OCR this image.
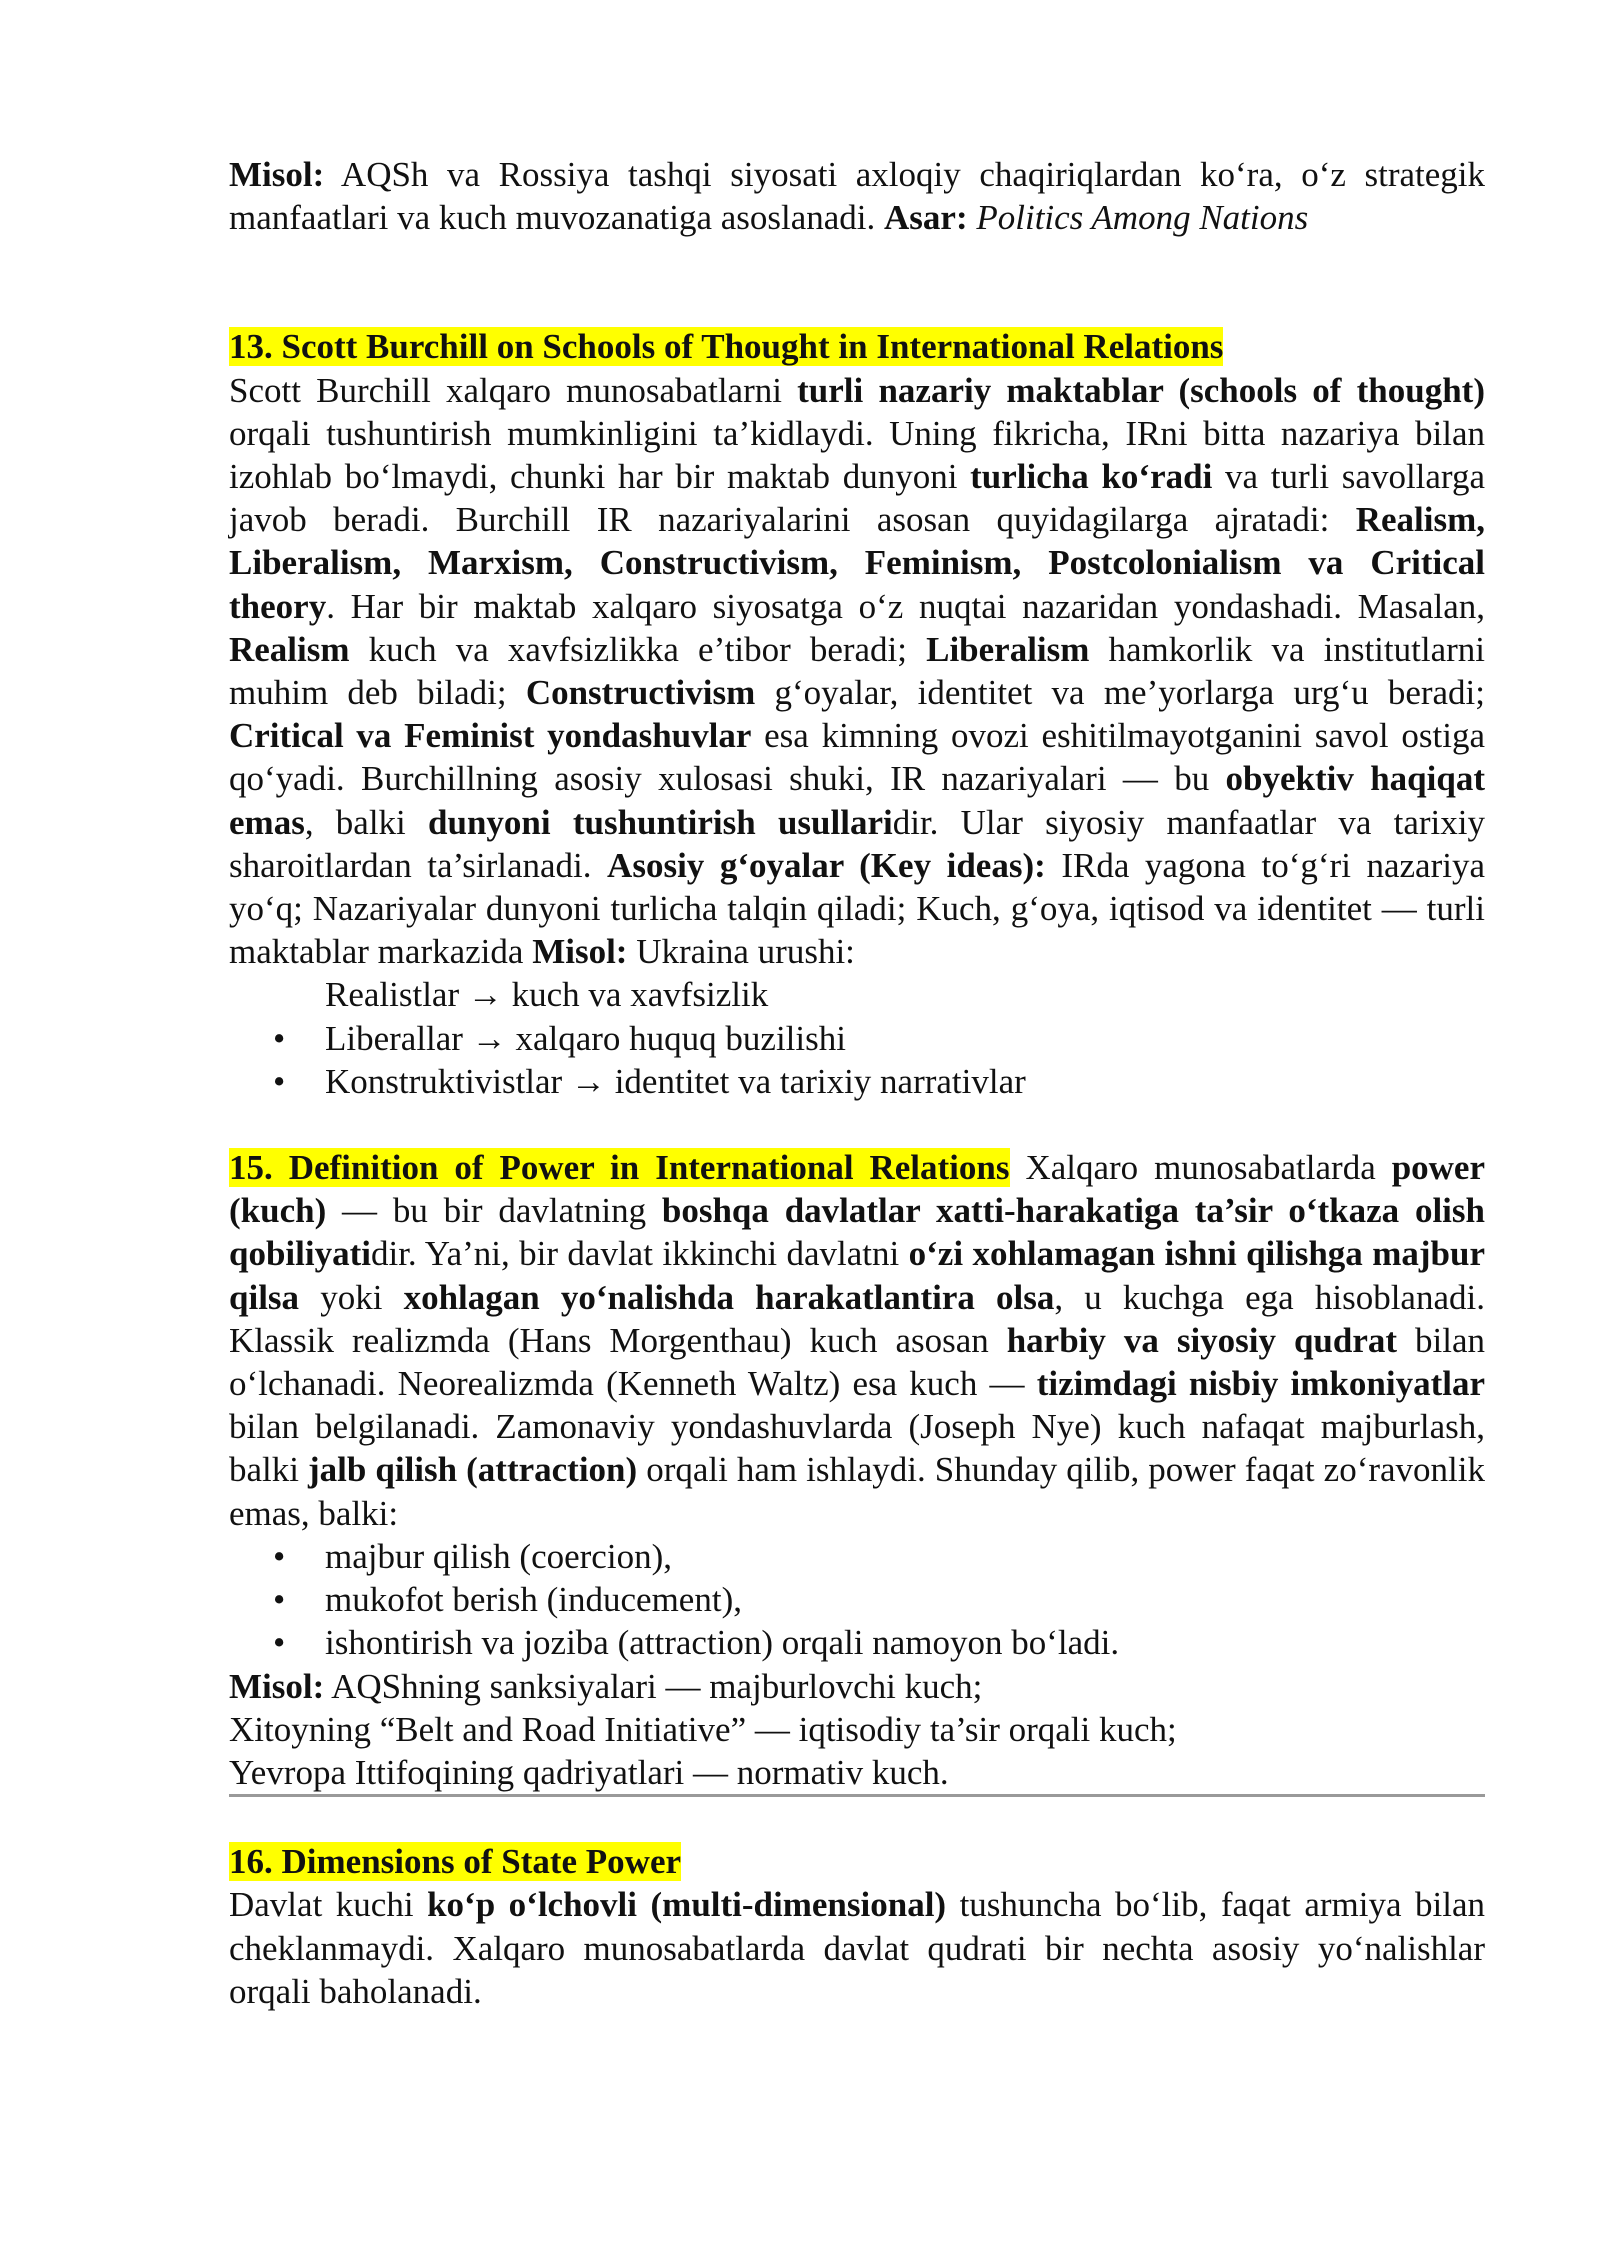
Misol: AQSh va Rossiya tashqi siyosati axloqiy chaqiriqlardan ko‘ra, o‘z strategik manfaatlari va kuch muvozanatiga asoslanadi. Asar: Politics Among Nations

13. Scott Burchill on Schools of Thought in International Relations

Scott Burchill xalqaro munosabatlarni turli nazariy maktablar (schools of thought) orqali tushuntirish mumkinligini ta’kidlaydi. Uning fikricha, IRni bitta nazariya bilan izohlab bo‘lmaydi, chunki har bir maktab dunyoni turlicha ko‘radi va turli savollarga javob beradi. Burchill IR nazariyalarini asosan quyidagilarga ajratadi: Realism, Liberalism, Marxism, Constructivism, Feminism, Postcolonialism va Critical theory. Har bir maktab xalqaro siyosatga o‘z nuqtai nazaridan yondashadi. Masalan, Realism kuch va xavfsizlikka e’tibor beradi; Liberalism hamkorlik va institutlarni muhim deb biladi; Constructivism g‘oyalar, identitet va me’yorlarga urg‘u beradi; Critical va Feminist yondashuvlar esa kimning ovozi eshitilmayotganini savol ostiga qo‘yadi. Burchillning asosiy xulosasi shuki, IR nazariyalari — bu obyektiv haqiqat emas, balki dunyoni tushuntirish usullaridir. Ular siyosiy manfaatlar va tarixiy sharoitlardan ta’sirlanadi. Asosiy g‘oyalar (Key ideas): IRda yagona to‘g‘ri nazariya yo‘q; Nazariyalar dunyoni turlicha talqin qiladi; Kuch, g‘oya, iqtisod va identitet — turli maktablar markazida Misol: Ukraina urushi:

Realistlar → kuch va xavfsizlik
• Liberallar → xalqaro huquq buzilishi
• Konstruktivistlar → identitet va tarixiy narrativlar

15. Definition of Power in International Relations Xalqaro munosabatlarda power (kuch) — bu bir davlatning boshqa davlatlar xatti-harakatiga ta’sir o‘tkaza olish qobiliyatidir. Ya’ni, bir davlat ikkinchi davlatni o‘zi xohlamagan ishni qilishga majbur qilsa yoki xohlagan yo‘nalishda harakatlantira olsa, u kuchga ega hisoblanadi. Klassik realizmda (Hans Morgenthau) kuch asosan harbiy va siyosiy qudrat bilan o‘lchanadi. Neorealizmda (Kenneth Waltz) esa kuch — tizimdagi nisbiy imkoniyatlar bilan belgilanadi. Zamonaviy yondashuvlarda (Joseph Nye) kuch nafaqat majburlash, balki jalb qilish (attraction) orqali ham ishlaydi. Shunday qilib, power faqat zo‘ravonlik emas, balki:

• majbur qilish (coercion),
• mukofot berish (inducement),
• ishontirish va joziba (attraction) orqali namoyon bo‘ladi.

Misol: AQShning sanksiyalari — majburlovchi kuch;

Xitoyning “Belt and Road Initiative” — iqtisodiy ta’sir orqali kuch;

Yevropa Ittifoqining qadriyatlari — normativ kuch.

16. Dimensions of State Power

Davlat kuchi ko‘p o‘lchovli (multi-dimensional) tushuncha bo‘lib, faqat armiya bilan cheklanmaydi. Xalqaro munosabatlarda davlat qudrati bir nechta asosiy yo‘nalishlar orqali baholanadi.
